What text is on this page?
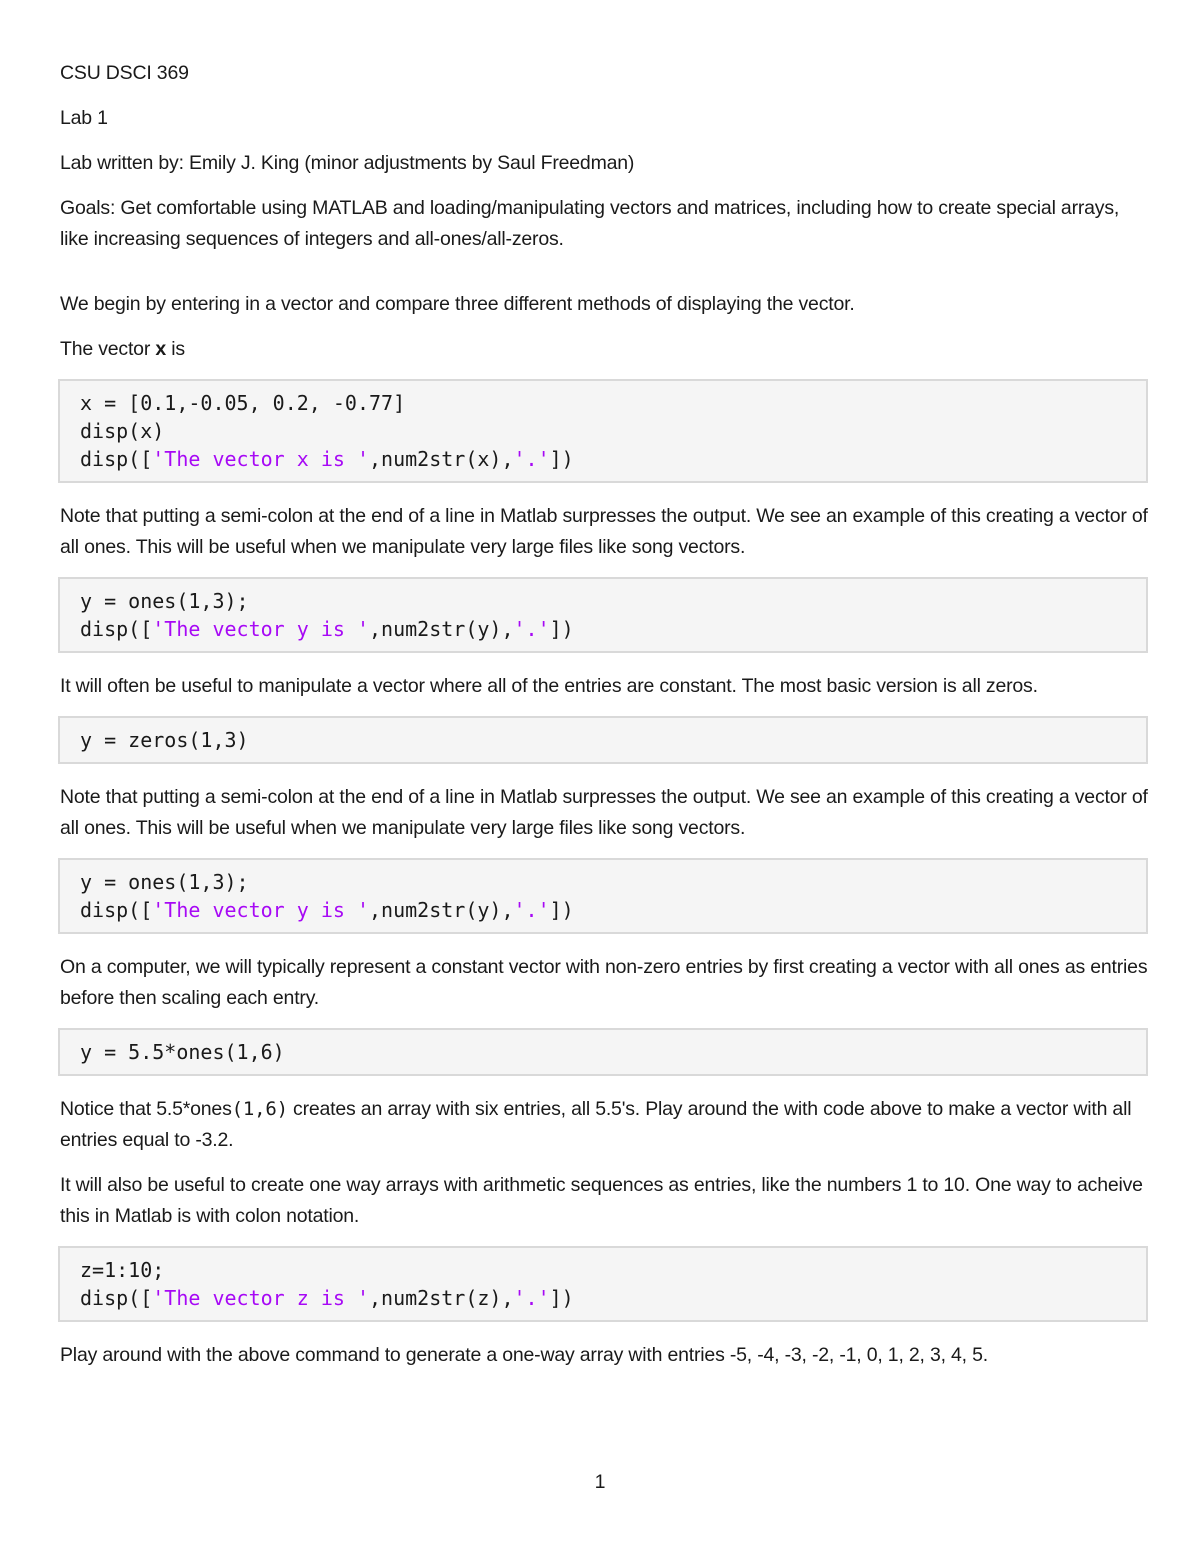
CSU DSCI 369

Lab 1

Lab written by: Emily J. King (minor adjustments by Saul Freedman)

Goals: Get comfortable using MATLAB and loading/manipulating vectors and matrices, including how to create special arrays, like increasing sequences of integers and all-ones/all-zeros.

We begin by entering in a vector and compare three different methods of displaying the vector.

The vector x is

x = [0.1,-0.05, 0.2, -0.77]
disp(x)
disp(['The vector x is ',num2str(x),'.'])

Note that putting a semi-colon at the end of a line in Matlab surpresses the output. We see an example of this creating a vector of all ones. This will be useful when we manipulate very large files like song vectors.

y = ones(1,3);
disp(['The vector y is ',num2str(y),'.'])

It will often be useful to manipulate a vector where all of the entries are constant. The most basic version is all zeros.

y = zeros(1,3)

Note that putting a semi-colon at the end of a line in Matlab surpresses the output. We see an example of this creating a vector of all ones. This will be useful when we manipulate very large files like song vectors.

y = ones(1,3);
disp(['The vector y is ',num2str(y),'.'])

On a computer, we will typically represent a constant vector with non-zero entries by first creating a vector with all ones as entries before then scaling each entry.

y = 5.5*ones(1,6)

Notice that 5.5*ones(1,6) creates an array with six entries, all 5.5's. Play around the with code above to make a vector with all entries equal to -3.2.

It will also be useful to create one way arrays with arithmetic sequences as entries, like the numbers 1 to 10. One way to acheive this in Matlab is with colon notation.

z=1:10;
disp(['The vector z is ',num2str(z),'.'])

Play around with the above command to generate a one-way array with entries -5, -4, -3, -2, -1, 0, 1, 2, 3, 4, 5.

1
